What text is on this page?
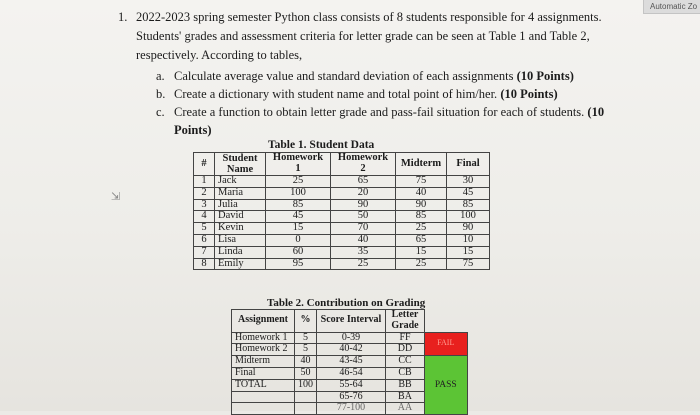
Automatic Zo
⇲
1. 2022-2023 spring semester Python class consists of 8 students responsible for 4 assignments.
Students' grades and assessment criteria for letter grade can be seen at Table 1 and Table 2,
respectively. According to tables,
a. Calculate average value and standard deviation of each assignments (10 Points)
b. Create a dictionary with student name and total point of him/her. (10 Points)
c. Create a function to obtain letter grade and pass-fail situation for each of students. (10
Points)
Table 1. Student Data
#	Student Name	Homework 1	Homework 2	Midterm	Final
1	Jack	25	65	75	30
2	Maria	100	20	40	45
3	Julia	85	90	90	85
4	David	45	50	85	100
5	Kevin	15	70	25	90
6	Lisa	0	40	65	10
7	Linda	60	35	15	15
8	Emily	95	25	25	75
Table 2. Contribution on Grading
Assignment	%	Score Interval	Letter Grade	
Homework 1	5	0-39	FF	FAIL
Homework 2	5	40-42	DD	
Midterm	40	43-45	CC	PASS
Final	50	46-54	CB	
TOTAL	100	55-64	BB	
		65-76	BA	
		77-100	AA	
